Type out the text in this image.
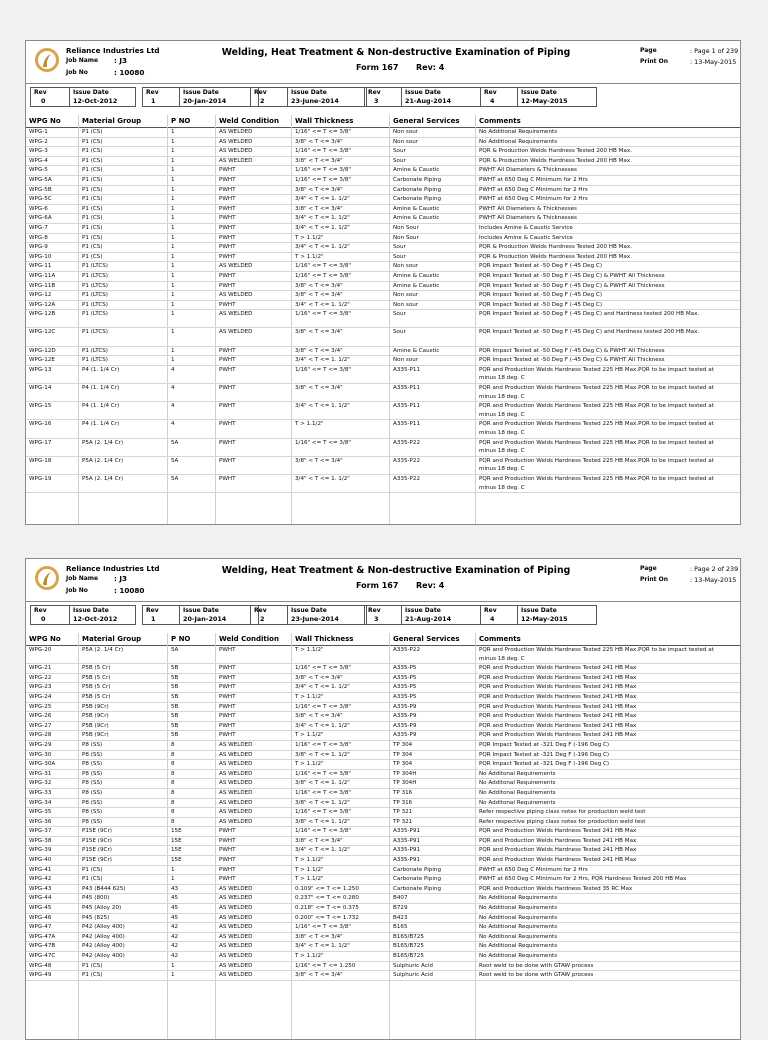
Reliance Industries Ltd
Job Name : J3
Job No	: 10080
Welding, Heat Treatment & Non-destructive Examination of Piping
Form 167 Rev: 4
Page	: Page 1 of 239
Print On	: 13-May-2015
Rev
0
Issue Date
12-Oct-2012
Rev
1
Issue Date
20-Jan-2014
Rev
2
Issue Date
23-June-2014
Rev
3
Issue Date
21-Aug-2014
Rev
4
Issue Date
12-May-2015
WPG No	Material Group	P NO	Weld Condition Wall Thickness	General Services	Comments
WPG-1	P1 (CS)	1	AS WELDED	1/16" <= T <= 3/8"	Non sour	No Additional Requirements
WPG-2	P1 (CS)	1	AS WELDED	3/8" < T <= 3/4"	Non sour	No Additional Requirements
WPG-3	P1 (CS)	1	AS WELDED	1/16" <= T <= 3/8"	Sour	PQR & Production Welds Hardness Tested 200 HB Max.
WPG-4	P1 (CS)	1	AS WELDED	3/8" < T <= 3/4"	Sour	PQR & Production Welds Hardness Tested 200 HB Max.
WPG-5	P1 (CS)	1	PWHT	1/16" <= T <= 3/8"	Amine & Caustic	PWHT All Diameters & Thicknesses
WPG-5A	P1 (CS)	1	PWHT	1/16" <= T <= 3/8"	Carbonate Piping	PWHT at 650 Deg C Minimum for 2 Hrs
WPG-5B	P1 (CS)	1	PWHT	3/8" < T <= 3/4"	Carbonate Piping	PWHT at 650 Deg C Minimum for 2 Hrs
WPG-5C	P1 (CS)	1	PWHT	3/4" < T <= 1. 1/2"	Carbonate Piping	PWHT at 650 Deg C Minimum for 2 Hrs
WPG-6	P1 (CS)	1	PWHT	3/8" < T <= 3/4"	Amine & Caustic	PWHT All Diameters & Thicknesses
WPG-6A	P1 (CS)	1	PWHT	3/4" < T <= 1. 1/2"	Amine & Caustic	PWHT All Diameters & Thicknesses
WPG-7	P1 (CS)	1	PWHT	3/4" < T <= 1. 1/2"	Non Sour	Includes Amine & Caustic Service
WPG-8	P1 (CS)	1	PWHT	T > 1.1/2"	Non Sour	Includes Amine & Caustic Service
WPG-9	P1 (CS)	1	PWHT	3/4" < T <= 1. 1/2"	Sour	PQR & Production Welds Hardness Tested 200 HB Max.
WPG-10	P1 (CS)	1	PWHT	T > 1.1/2"	Sour	PQR & Production Welds Hardness Tested 200 HB Max.
WPG-11	P1 (LTCS)	1	AS WELDED	1/16" <= T <= 3/8"	Non sour	PQR Impact Tested at -50 Deg F (-45 Deg C)
WPG-11A	P1 (LTCS)	1	PWHT	1/16" <= T <= 3/8"	Amine & Caustic	PQR Impact Tested at -50 Deg F (-45 Deg C) & PWHT All Thickness
WPG-11B	P1 (LTCS)	1	PWHT	3/8" < T <= 3/4"	Amine & Caustic	PQR Impact Tested at -50 Deg F (-45 Deg C) & PWHT All Thickness
WPG-12	P1 (LTCS)	1	AS WELDED	3/8" < T <= 3/4"	Non sour	PQR Impact Tested at -50 Deg F (-45 Deg C)
WPG-12A	P1 (LTCS)	1	PWHT	3/4" < T <= 1. 1/2"	Non sour	PQR Impact Tested at -50 Deg F (-45 Deg C)
WPG-12B	P1 (LTCS)	1	AS WELDED	1/16" <= T <= 3/8"	Sour	PQR Impact Tested at -50 Deg F (-45 Deg C) and Hardness tested 200 HB Max.
WPG-12C	P1 (LTCS)	1	AS WELDED	3/8" < T <= 3/4"	Sour	PQR Impact Tested at -50 Deg F (-45 Deg C) and Hardness tested 200 HB Max.
WPG-12D	P1 (LTCS)	1	PWHT	3/8" < T <= 3/4"	Amine & Caustic	PQR Impact Tested at -50 Deg F (-45 Deg C) & PWHT All Thickness
WPG-12E	P1 (LTCS)	1	PWHT	3/4" < T <= 1. 1/2"	Non sour	PQR Impact Tested at -50 Deg F (-45 Deg C) & PWHT All Thickness
WPG-13	P4 (1. 1/4 Cr)	4	PWHT	1/16" <= T <= 3/8"	A335-P11	PQR and Production Welds Hardness Tested 225 HB Max.PQR to be impact tested at minus 18 deg. C
WPG-14	P4 (1. 1/4 Cr)	4	PWHT	3/8" < T <= 3/4"	A335-P11	PQR and Production Welds Hardness Tested 225 HB Max.PQR to be impact tested at minus 18 deg. C
WPG-15	P4 (1. 1/4 Cr)	4	PWHT	3/4" < T <= 1. 1/2"	A335-P11	PQR and Production Welds Hardness Tested 225 HB Max.PQR to be impact tested at minus 18 deg. C
WPG-16	P4 (1. 1/4 Cr)	4	PWHT	T > 1.1/2"	A335-P11	PQR and Production Welds Hardness Tested 225 HB Max.PQR to be impact tested at minus 18 deg. C
WPG-17	P5A (2. 1/4 Cr)	5A	PWHT	1/16" <= T <= 3/8"	A335-P22	PQR and Production Welds Hardness Tested 225 HB Max.PQR to be impact tested at minus 18 deg. C
WPG-18	P5A (2. 1/4 Cr)	5A	PWHT	3/8" < T <= 3/4"	A335-P22	PQR and Production Welds Hardness Tested 225 HB Max.PQR to be impact tested at minus 18 deg. C
WPG-19	P5A (2. 1/4 Cr)	5A	PWHT	3/4" < T <= 1. 1/2"	A335-P22	PQR and Production Welds Hardness Tested 225 HB Max.PQR to be impact tested at minus 18 deg. C
Reliance Industries Ltd
Job Name : J3
Job No	: 10080
Welding, Heat Treatment & Non-destructive Examination of Piping
Form 167 Rev: 4
Page	: Page 2 of 239
Print On	: 13-May-2015
Rev
0
Issue Date
12-Oct-2012
Rev
1
Issue Date
20-Jan-2014
Rev
2
Issue Date
23-June-2014
Rev
3
Issue Date
21-Aug-2014
Rev
4
Issue Date
12-May-2015
WPG No	Material Group	P NO	Weld Condition Wall Thickness	General Services	Comments
WPG-20	P5A (2. 1/4 Cr)	5A	PWHT	T > 1.1/2"	A335-P22	PQR and Production Welds Hardness Tested 225 HB Max.PQR to be impact tested at minus 18 deg. C
WPG-21	P5B (5 Cr)	5B	PWHT	1/16" <= T <= 3/8"	A335-P5	PQR and Production Welds Hardness Tested 241 HB Max
WPG-22	P5B (5 Cr)	5B	PWHT	3/8" < T <= 3/4"	A335-P5	PQR and Production Welds Hardness Tested 241 HB Max
WPG-23	P5B (5 Cr)	5B	PWHT	3/4" < T <= 1. 1/2"	A335-P5	PQR and Production Welds Hardness Tested 241 HB Max
WPG-24	P5B (5 Cr)	5B	PWHT	T > 1.1/2"	A335-P5	PQR and Production Welds Hardness Tested 241 HB Max
WPG-25	P5B (9Cr)	5B	PWHT	1/16" <= T <= 3/8"	A335-P9	PQR and Production Welds Hardness Tested 241 HB Max
WPG-26	P5B (9Cr)	5B	PWHT	3/8" < T <= 3/4"	A335-P9	PQR and Production Welds Hardness Tested 241 HB Max
WPG-27	P5B (9Cr)	5B	PWHT	3/4" < T <= 1. 1/2"	A335-P9	PQR and Production Welds Hardness Tested 241 HB Max
WPG-28	P5B (9Cr)	5B	PWHT	T > 1.1/2"	A335-P9	PQR and Production Welds Hardness Tested 241 HB Max
WPG-29	P8 (SS)	8	AS WELDED	1/16" <= T <= 3/8"	TP 304	PQR Impact Tested at -321 Deg F (-196 Deg C)
WPG-30	P8 (SS)	8	AS WELDED	3/8" < T <= 1. 1/2"	TP 304	PQR Impact Tested at -321 Deg F (-196 Deg C)
WPG-30A	P8 (SS)	8	AS WELDED	T > 1.1/2"	TP 304	PQR Impact Tested at -321 Deg F (-196 Deg C)
WPG-31	P8 (SS)	8	AS WELDED	1/16" <= T <= 3/8"	TP 304H	No Additonal Requirements
WPG-32	P8 (SS)	8	AS WELDED	3/8" < T <= 1. 1/2"	TP 304H	No Additonal Requirements
WPG-33	P8 (SS)	8	AS WELDED	1/16" <= T <= 3/8"	TP 316	No Additonal Requirements
WPG-34	P8 (SS)	8	AS WELDED	3/8" < T <= 1. 1/2"	TP 316	No Additonal Requirements
WPG-35	P8 (SS)	8	AS WELDED	1/16" <= T <= 3/8"	TP 321	Refer respective piping class notes for production weld test
WPG-36	P8 (SS)	8	AS WELDED	3/8" < T <= 1. 1/2"	TP 321	Refer respective piping class notes for production weld test
WPG-37	P15E (9Cr)	15E	PWHT	1/16" <= T <= 3/8"	A335-P91	PQR and Production Welds Hardness Tested 241 HB Max
WPG-38	P15E (9Cr)	15E	PWHT	3/8" < T <= 3/4"	A335-P91	PQR and Production Welds Hardness Tested 241 HB Max
WPG-39	P15E (9Cr)	15E	PWHT	3/4" < T <= 1. 1/2"	A335-P91	PQR and Production Welds Hardness Tested 241 HB Max
WPG-40	P15E (9Cr)	15E	PWHT	T > 1.1/2"	A335-P91	PQR and Production Welds Hardness Tested 241 HB Max
WPG-41	P1 (CS)	1	PWHT	T > 1.1/2"	Carbonate Piping	PWHT at 650 Deg C Minimum for 2 Hrs
WPG-42	P1 (CS)	1	PWHT	T > 1.1/2"	Carbonate Piping	PWHT at 650 Deg C Minimum for 2 Hrs, PQR Hardness Tested 200 HB Max
WPG-43	P43 (B444 625)	43	AS WELDED	0.109" <= T <= 1.250	Carbonate Piping	PQR and Production Welds Hardness Tested 35 RC Max
WPG-44	P45 (800)	45	AS WELDED	0.237" <= T <= 0.280	B407	No Additional Requirements
WPG-45	P45 (Alloy 20)	45	AS WELDED	0.218" <= T <= 0.375	B729	No Additional Requirements
WPG-46	P45 (825)	45	AS WELDED	0.200" <= T <= 1.732	B423	No Additional Requirements
WPG-47	P42 (Alloy 400)	42	AS WELDED	1/16" <= T <= 3/8"	B165	No Additional Requirements
WPG-47A	P42 (Alloy 400)	42	AS WELDED	3/8" < T <= 3/4"	B165/B725	No Additional Requirements
WPG-47B	P42 (Alloy 400)	42	AS WELDED	3/4" < T <= 1. 1/2"	B165/B725	No Additional Requirements
WPG-47C	P42 (Alloy 400)	42	AS WELDED	T > 1.1/2"	B165/B725	No Additional Requirements
WPG-48	P1 (CS)	1	AS WELDED	1/16" <= T <= 1.250	Sulphuric Acid	Root weld to be done with GTAW process
WPG-49	P1 (CS)	1	AS WELDED	3/8" < T <= 3/4"	Sulphuric Acid	Root weld to be done with GTAW process
